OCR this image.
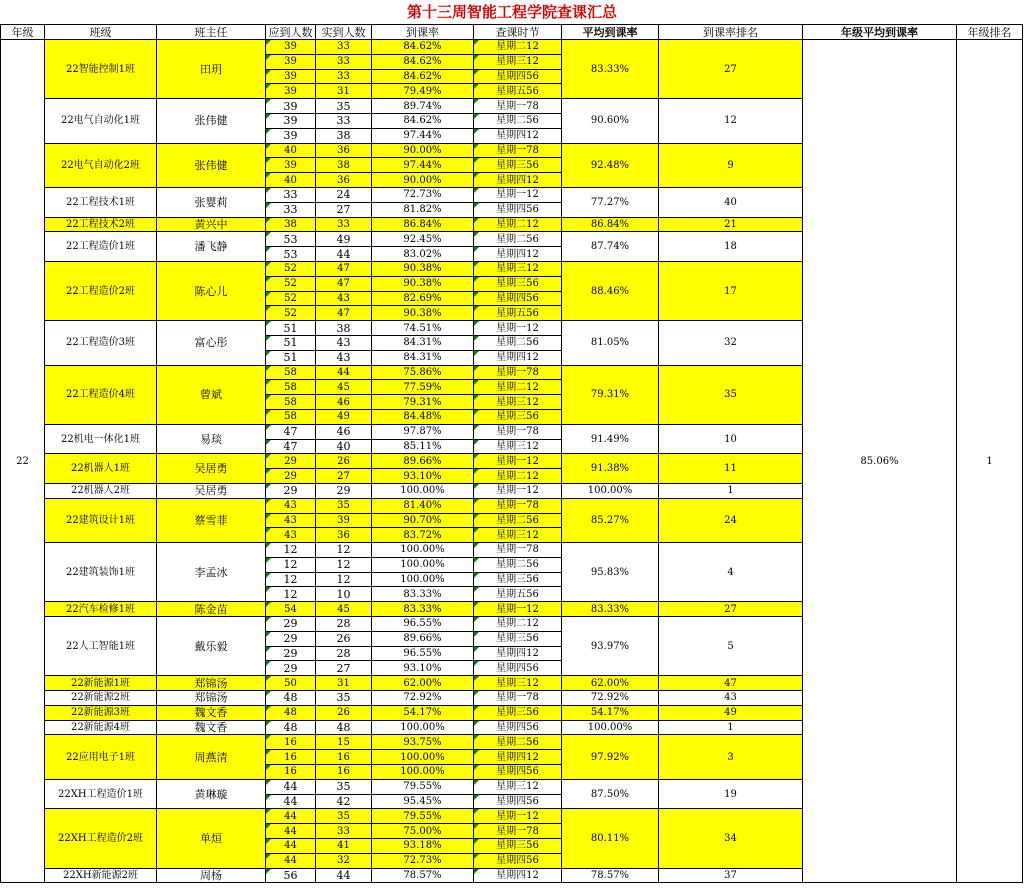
第十三周智能工程学院查课汇总
年级	班级	班主任	应到人数	实到人数	到课率	查课时节	平均到课率	到课率排名	年级平均到课率	年级排名
22	22智能控制1班	田玥	39	33	84.62%	星期二12	83.33%	27	85.06%	1
			39	33	84.62%	星期三12				
			39	33	84.62%	星期四56				
			39	31	79.49%	星期五56				
	22电气自动化1班	张伟健	39	35	89.74%	星期一78	90.60%	12		
			39	33	84.62%	星期二56				
			39	38	97.44%	星期四12				
	22电气自动化2班	张伟健	40	36	90.00%	星期一78	92.48%	9		
			39	38	97.44%	星期三56				
			40	36	90.00%	星期四12				
	22工程技术1班	张婴莉	33	24	72.73%	星期一12	77.27%	40		
			33	27	81.82%	星期四56				
	22工程技术2班	黄兴中	38	33	86.84%	星期二12	86.84%	21		
	22工程造价1班	潘飞静	53	49	92.45%	星期二56	87.74%	18		
			53	44	83.02%	星期四12				
	22工程造价2班	陈心儿	52	47	90.38%	星期三12	88.46%	17		
			52	47	90.38%	星期三56				
			52	43	82.69%	星期四56				
			52	47	90.38%	星期五56				
	22工程造价3班	富心彤	51	38	74.51%	星期一12	81.05%	32		
			51	43	84.31%	星期二56				
			51	43	84.31%	星期四12				
	22工程造价4班	曾斌	58	44	75.86%	星期一78	79.31%	35		
			58	45	77.59%	星期二12				
			58	46	79.31%	星期三12				
			58	49	84.48%	星期三56				
	22机电一体化1班	易琰	47	46	97.87%	星期一78	91.49%	10		
			47	40	85.11%	星期三12				
	22机器人1班	吴居勇	29	26	89.66%	星期一12	91.38%	11		
			29	27	93.10%	星期二12				
	22机器人2班	吴居勇	29	29	100.00%	星期一12	100.00%	1		
	22建筑设计1班	蔡雪菲	43	35	81.40%	星期一78	85.27%	24		
			43	39	90.70%	星期二56				
			43	36	83.72%	星期三12				
	22建筑装饰1班	李孟冰	12	12	100.00%	星期一78	95.83%	4		
			12	12	100.00%	星期二56				
			12	12	100.00%	星期三56				
			12	10	83.33%	星期五56				
	22汽车检修1班	陈金苗	54	45	83.33%	星期一12	83.33%	27		
	22人工智能1班	戴乐毅	29	28	96.55%	星期二12	93.97%	5		
			29	26	89.66%	星期三56				
			29	28	96.55%	星期四12				
			29	27	93.10%	星期四56				
	22新能源1班	郑锦汤	50	31	62.00%	星期三12	62.00%	47		
	22新能源2班	郑锦汤	48	35	72.92%	星期一78	72.92%	43		
	22新能源3班	魏文香	48	26	54.17%	星期三56	54.17%	49		
	22新能源4班	魏文香	48	48	100.00%	星期四56	100.00%	1		
	22应用电子1班	周燕清	16	15	93.75%	星期二56	97.92%	3		
			16	16	100.00%	星期四12				
			16	16	100.00%	星期四56				
	22XH工程造价1班	黄琳璇	44	35	79.55%	星期三12	87.50%	19		
			44	42	95.45%	星期四56				
	22XH工程造价2班	单烜	44	35	79.55%	星期一12	80.11%	34		
			44	33	75.00%	星期一78				
			44	41	93.18%	星期三56				
			44	32	72.73%	星期四56				
	22XH新能源2班	周杨	56	44	78.57%	星期四12	78.57%	37		
